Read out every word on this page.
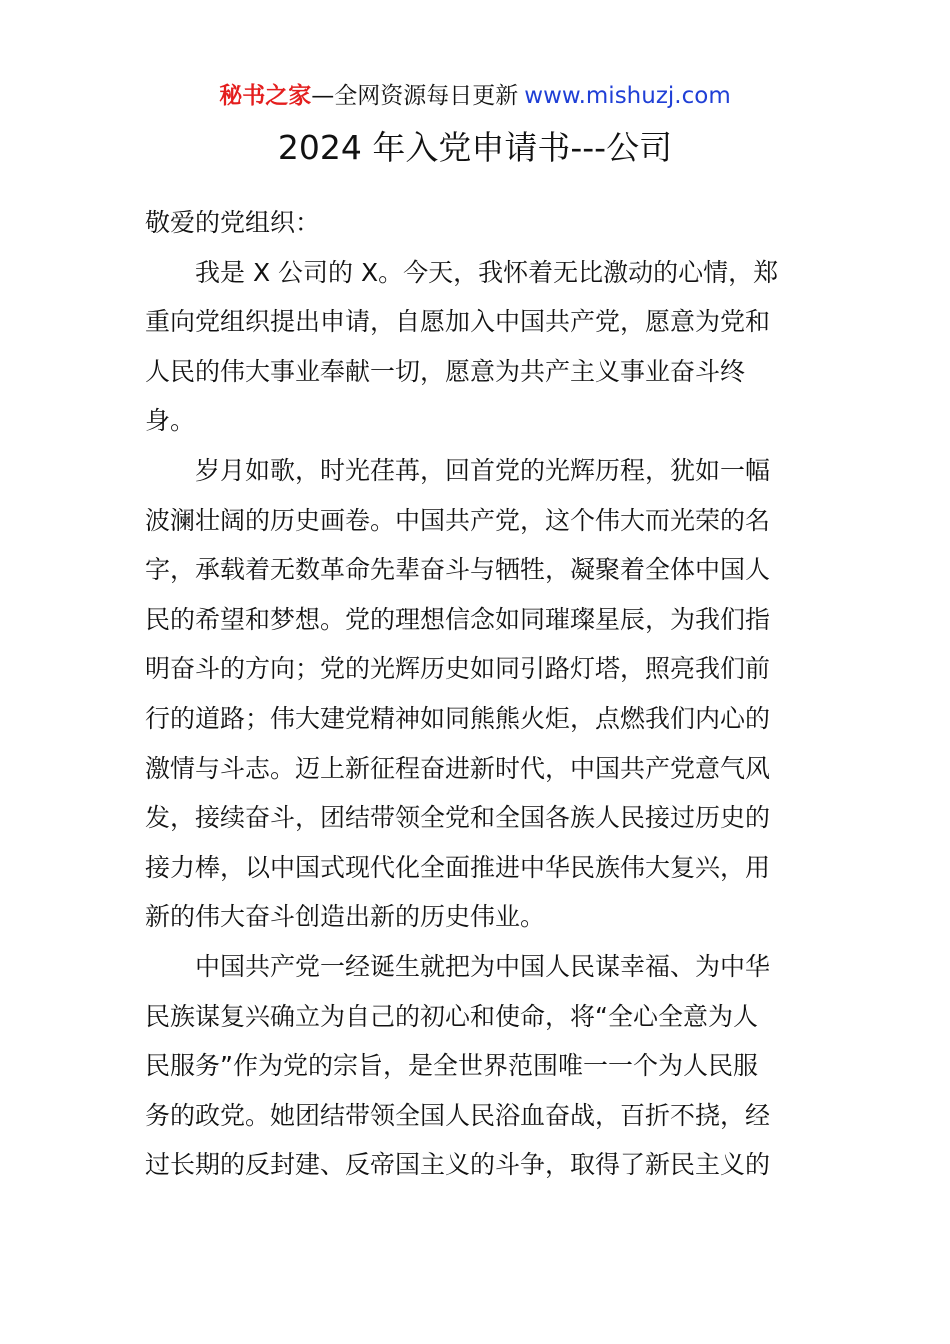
秘书之家—全网资源每日更新 www.mishuzj.com
2024 年入党申请书---公司
敬爱的党组织：
　　我是 X 公司的 X。今天，我怀着无比激动的心情，郑
重向党组织提出申请，自愿加入中国共产党，愿意为党和
人民的伟大事业奉献一切，愿意为共产主义事业奋斗终
身。
　　岁月如歌，时光荏苒，回首党的光辉历程，犹如一幅
波澜壮阔的历史画卷。中国共产党，这个伟大而光荣的名
字，承载着无数革命先辈奋斗与牺牲，凝聚着全体中国人
民的希望和梦想。党的理想信念如同璀璨星辰，为我们指
明奋斗的方向；党的光辉历史如同引路灯塔，照亮我们前
行的道路；伟大建党精神如同熊熊火炬，点燃我们内心的
激情与斗志。迈上新征程奋进新时代，中国共产党意气风
发，接续奋斗，团结带领全党和全国各族人民接过历史的
接力棒，以中国式现代化全面推进中华民族伟大复兴，用
新的伟大奋斗创造出新的历史伟业。
　　中国共产党一经诞生就把为中国人民谋幸福、为中华
民族谋复兴确立为自己的初心和使命，将“全心全意为人
民服务”作为党的宗旨，是全世界范围唯一一个为人民服
务的政党。她团结带领全国人民浴血奋战，百折不挠，经
过长期的反封建、反帝国主义的斗争，取得了新民主义的
